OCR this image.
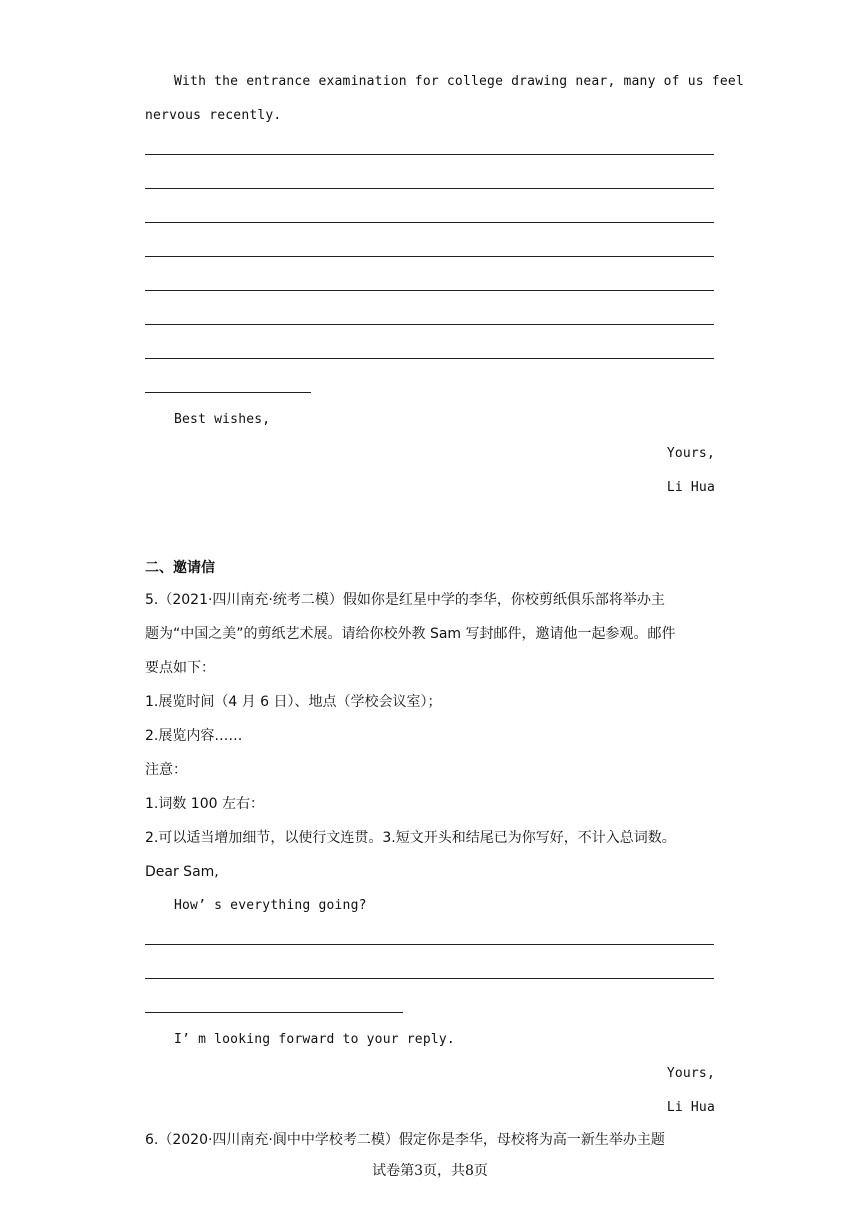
With the entrance examination for college drawing near, many of us feel
nervous recently.
Best wishes,
Yours,
Li Hua
二、邀请信
5.（2021·四川南充·统考二模）假如你是红星中学的李华，你校剪纸俱乐部将举办主
题为“中国之美”的剪纸艺术展。请给你校外教 Sam 写封邮件，邀请他一起参观。邮件
要点如下：
1.展览时间（4 月 6 日）、地点（学校会议室）；
2.展览内容……
注意：
1.词数 100 左右：
2.可以适当增加细节，以使行文连贯。3.短文开头和结尾已为你写好，不计入总词数。
Dear Sam,
How’ s everything going?
I’ m looking forward to your reply.
Yours,
Li Hua
6.（2020·四川南充·阆中中学校考二模）假定你是李华，母校将为高一新生举办主题
试卷第3页，共8页
